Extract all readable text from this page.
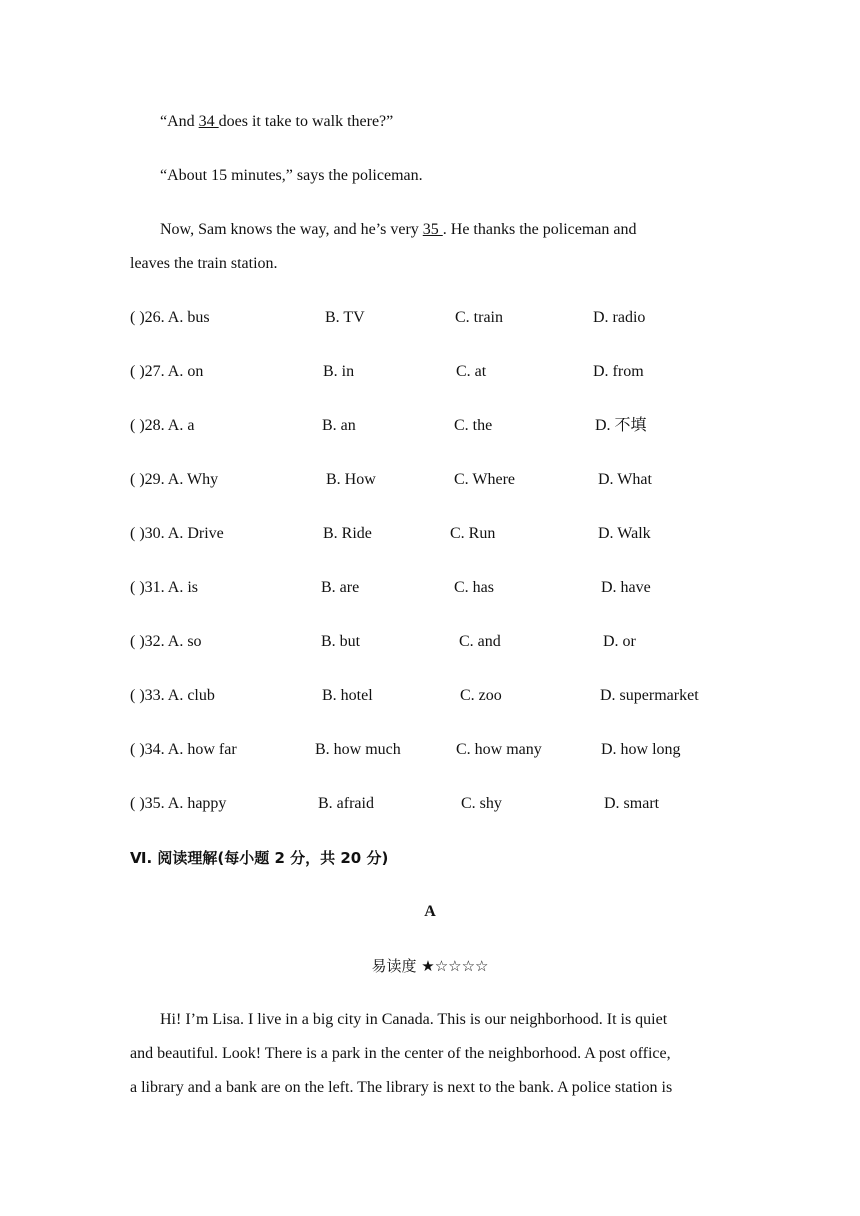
“And 34 does it take to walk there?”
“About 15 minutes,” says the policeman.
Now, Sam knows the way, and he’s very 35 . He thanks the policeman and
leaves the train station.
( )26. A. bus	B. TV	C. train	D. radio
( )27. A. on	B. in	C. at	D. from
( )28. A. a	B. an	C. the	D. 不填
( )29. A. Why	B. How	C. Where	D. What
( )30. A. Drive	B. Ride	C. Run	D. Walk
( )31. A. is	B. are	C. has	D. have
( )32. A. so	B. but	C. and	D. or
( )33. A. club	B. hotel	C. zoo	D. supermarket
( )34. A. how far	B. how much	C. how many	D. how long
( )35. A. happy	B. afraid	C. shy	D. smart
Ⅵ. 阅读理解(每小题 2 分，共 20 分)
A
易读度 ★☆☆☆☆
Hi! I’m Lisa. I live in a big city in Canada. This is our neighborhood. It is quiet
and beautiful. Look! There is a park in the center of the neighborhood. A post office,
a library and a bank are on the left. The library is next to the bank. A police station is
